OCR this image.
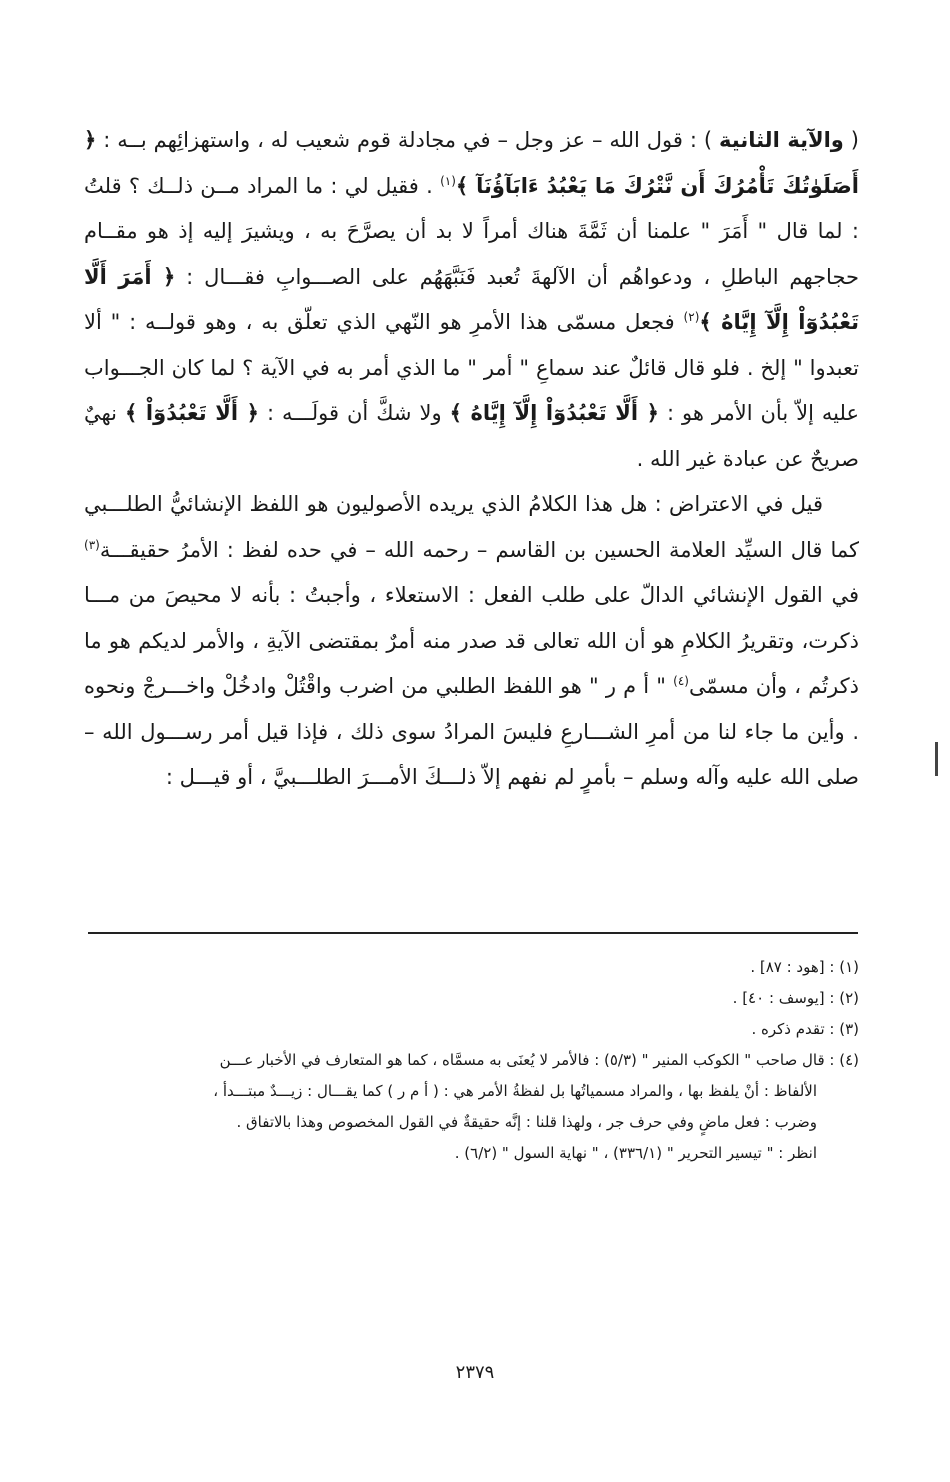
( والآية الثانية ) : قول الله – عز وجل – في مجادلة قوم شعيب له ، واستهزائِهم بــه : ﴿ أَصَلَوٰتُكَ تَأْمُرُكَ أَن نَّتْرُكَ مَا يَعْبُدُ ءَابَآؤُنَآ ﴾$^{(١)}$ . فقيل لي : ما المراد مــن ذلــك ؟ قلتُ : لما قال " أَمَرَ " علمنا أن ثَمَّةَ هناك أمراً لا بد أن يصرَّحَ به ، ويشيرَ إليه إذ هو مقــام حجاجهم الباطلِ ، ودعواهُم أن الآلهةَ تُعبد فَنَبَّهَهُم على الصـــوابِ فقـــال : ﴿ أَمَرَ أَلَّا تَعْبُدُوٓاْ إِلَّآ إِيَّاهُ ﴾$^{(٢)}$ فجعل مسمّى هذا الأمرِ هو النّهي الذي تعلّق به ، وهو قولــه : " ألا تعبدوا " إلخ . فلو قال قائلٌ عند سماعِ " أمر " ما الذي أمر به في الآية ؟ لما كان الجـــواب عليه إلاّ بأن الأمر هو : ﴿ أَلَّا تَعْبُدُوٓاْ إِلَّآ إِيَّاهُ ﴾ ولا شكَّ أن قولَـــه : ﴿ أَلَّا تَعْبُدُوٓاْ ﴾ نهيٌ صريحٌ عن عبادة غير الله .

قيل في الاعتراض : هل هذا الكلامُ الذي يريده الأصوليون هو اللفظ الإنشائيُّ الطلـــبي كما قال السيِّد العلامة الحسين بن القاسم – رحمه الله – في حده لفظ : الأمرُ حقيقـــة$^{(٣)}$ في القول الإنشائي الدالّ على طلب الفعل : الاستعلاء ، وأجبتُ : بأنه لا محيصَ من مـــا ذكرت، وتقريرُ الكلامِ هو أن الله تعالى قد صدر منه أمرٌ بمقتضى الآيةِ ، والأمر لديكم هو ما ذكرتُم ، وأن مسمّى$^{(٤)}$ " أ م ر " هو اللفظ الطلبي من اضرب واقْتُلْ وادخُلْ واخـــرجْ ونحوه . وأين ما جاء لنا من أمرِ الشـــارعِ فليسَ المرادُ سوى ذلك ، فإذا قيل أمر رســـول الله – صلى الله عليه وآله وسلم – بأمرٍ لم نفهم إلاّ ذلـــكَ الأمـــرَ الطلـــبيَّ ، أو قيـــل :

(١) : [هود : ٨٧] .

(٢) : [يوسف : ٤٠] .

(٣) : تقدم ذكره .

(٤) : قال صاحب " الكوكب المنير " (٥/٣) : فالأمر لا يُعنَى به مسمَّاه ، كما هو المتعارف في الأخبار عـــن

الألفاظ : أنْ يلفظ بها ، والمراد مسمياتُها بل لفظةُ الأمر هي : ( أ م ر ) كما يقـــال : زيـــدٌ مبتـــدأ ،

وضرب : فعل ماضٍ وفي حرف جر ، ولهذا قلنا : إنَّه حقيقةٌ في القول المخصوص وهذا بالاتفاق .

انظر : " تيسير التحرير " (٣٣٦/١) ، " نهاية السول " (٦/٢) .

٢٣٧٩
